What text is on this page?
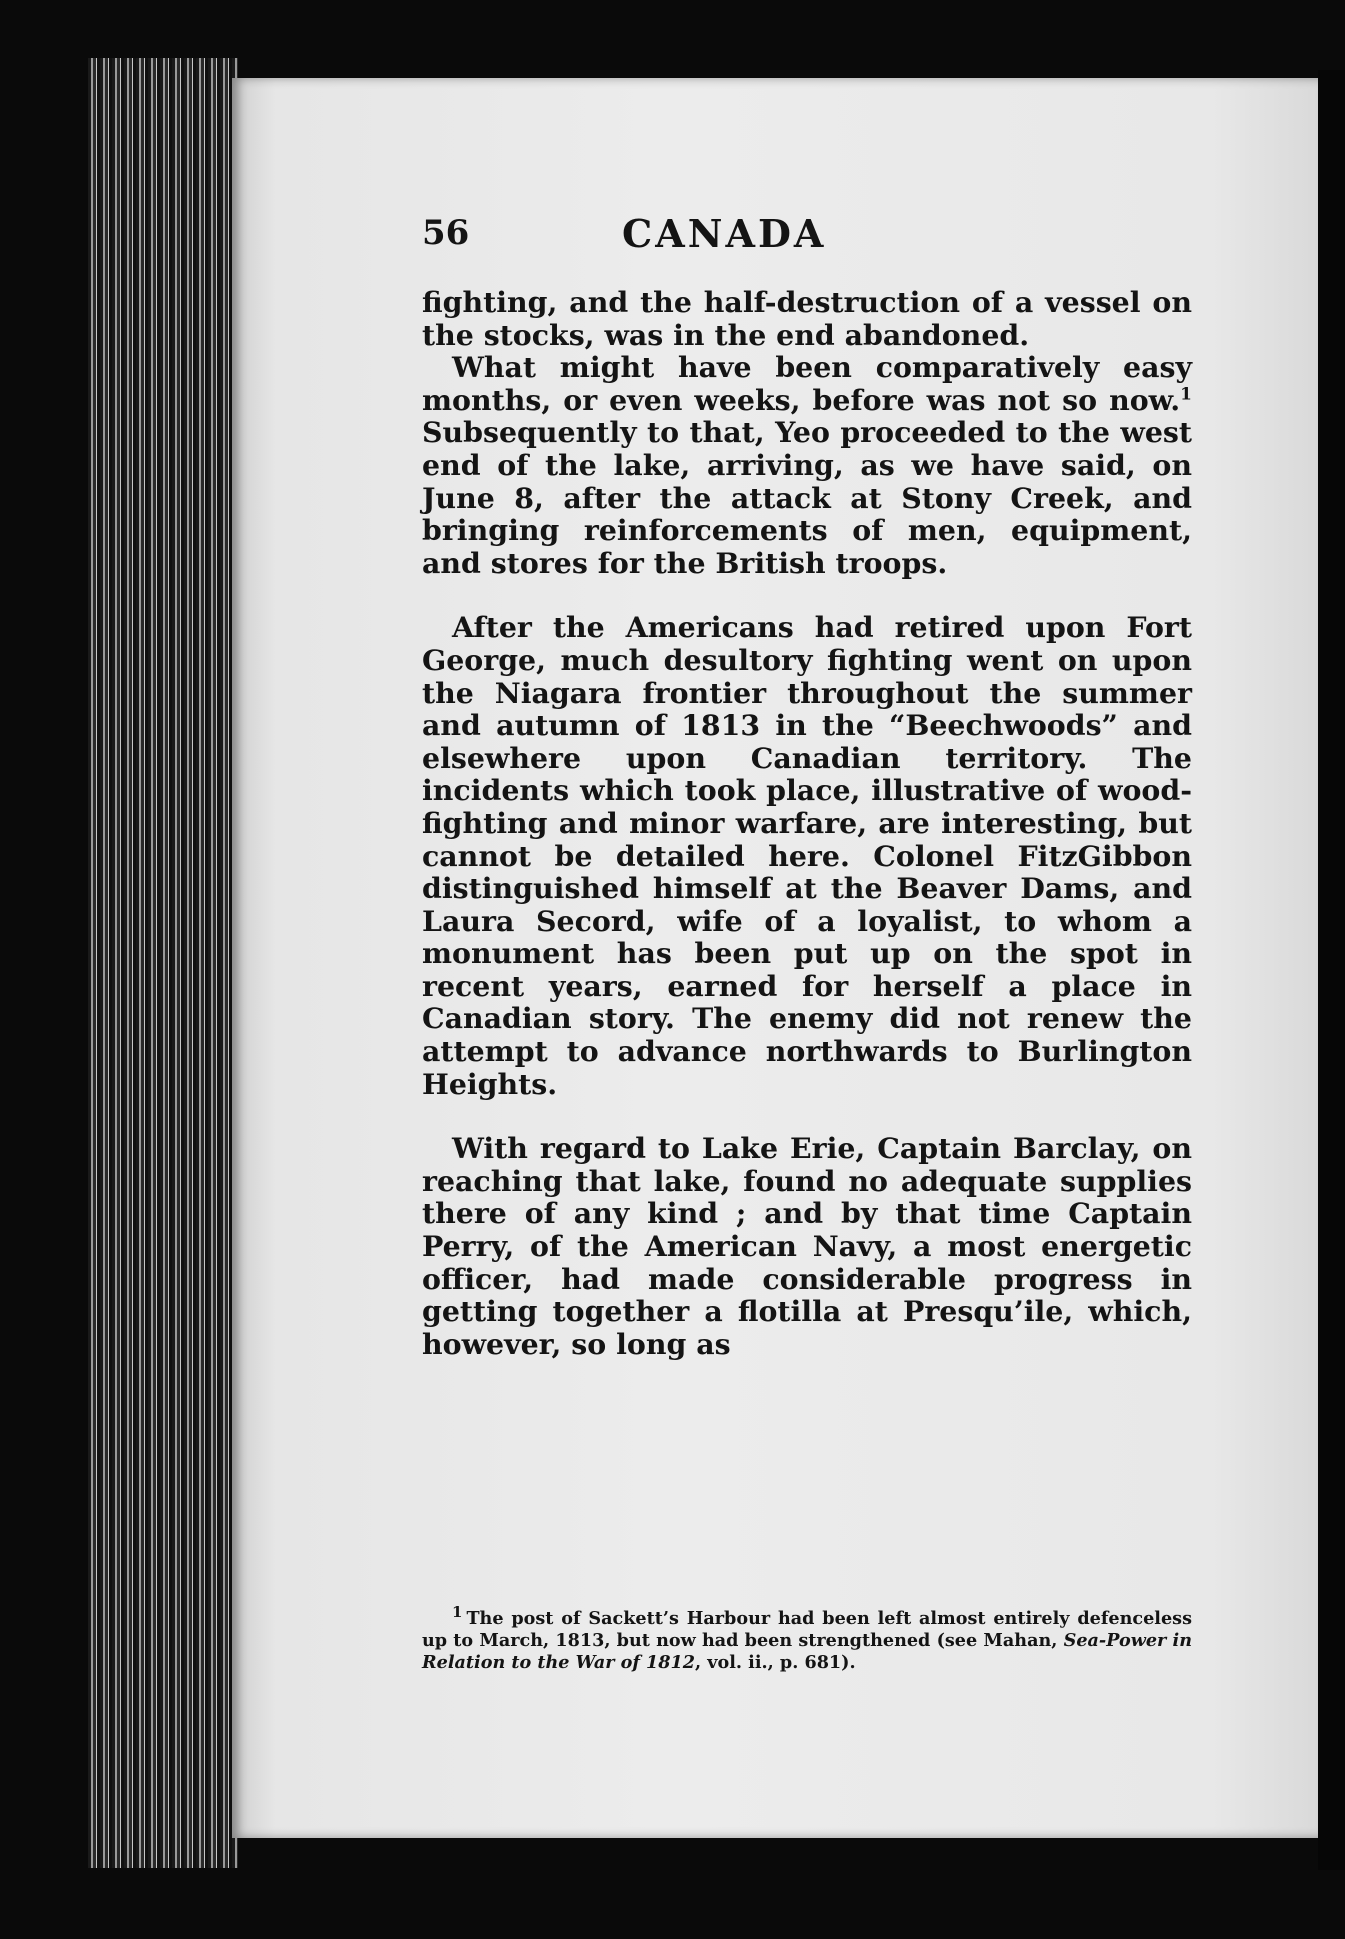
56	CANADA

fighting, and the half-destruction of a vessel on the stocks, was in the end abandoned.

What might have been comparatively easy months, or even weeks, before was not so now.$^1$ Subsequently to that, Yeo proceeded to the west end of the lake, arriving, as we have said, on June 8, after the attack at Stony Creek, and bringing reinforcements of men, equipment, and stores for the British troops.

After the Americans had retired upon Fort George, much desultory fighting went on upon the Niagara frontier throughout the summer and autumn of 1813 in the “Beechwoods” and elsewhere upon Canadian territory. The incidents which took place, illustrative of wood-fighting and minor warfare, are interesting, but cannot be detailed here. Colonel FitzGibbon distinguished himself at the Beaver Dams, and Laura Secord, wife of a loyalist, to whom a monument has been put up on the spot in recent years, earned for herself a place in Canadian story. The enemy did not renew the attempt to advance northwards to Burlington Heights.

With regard to Lake Erie, Captain Barclay, on reaching that lake, found no adequate supplies there of any kind ; and by that time Captain Perry, of the American Navy, a most energetic officer, had made considerable progress in getting together a flotilla at Presqu’ile, which, however, so long as

1 The post of Sackett’s Harbour had been left almost entirely defenceless up to March, 1813, but now had been strengthened (see Mahan, Sea-Power in Relation to the War of 1812, vol. ii., p. 681).
